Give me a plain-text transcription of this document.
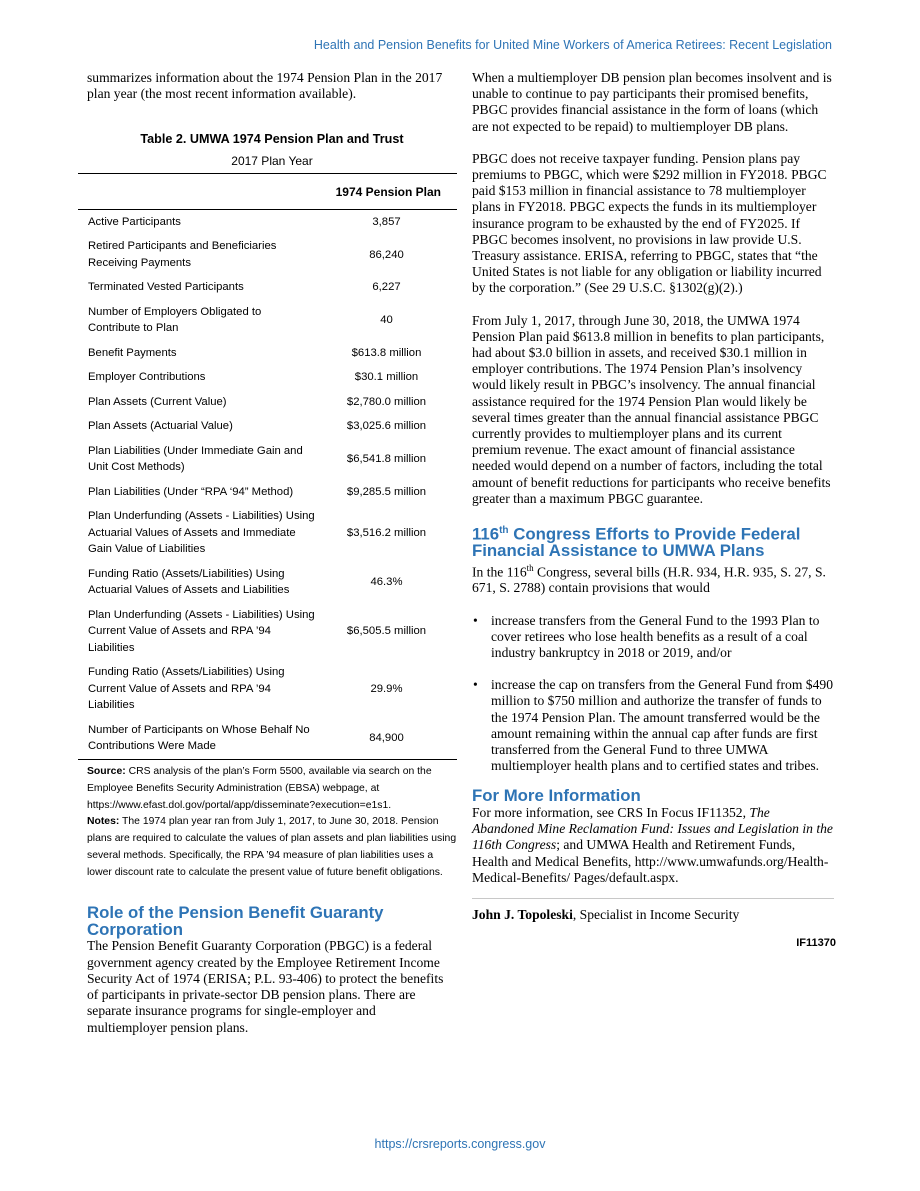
Health and Pension Benefits for United Mine Workers of America Retirees: Recent Legislation

summarizes information about the 1974 Pension Plan in the 2017 plan year (the most recent information available).

Table 2. UMWA 1974 Pension Plan and Trust
2017 Plan Year
	1974 Pension Plan
Active Participants	3,857
Retired Participants and Beneficiaries Receiving Payments	86,240
Terminated Vested Participants	6,227
Number of Employers Obligated to Contribute to Plan	40
Benefit Payments	$613.8 million
Employer Contributions	$30.1 million
Plan Assets (Current Value)	$2,780.0 million
Plan Assets (Actuarial Value)	$3,025.6 million
Plan Liabilities (Under Immediate Gain and Unit Cost Methods)	$6,541.8 million
Plan Liabilities (Under “RPA ‘94” Method)	$9,285.5 million
Plan Underfunding (Assets - Liabilities) Using Actuarial Values of Assets and Immediate Gain Value of Liabilities	$3,516.2 million
Funding Ratio (Assets/Liabilities) Using Actuarial Values of Assets and Liabilities	46.3%
Plan Underfunding (Assets - Liabilities) Using Current Value of Assets and RPA ’94 Liabilities	$6,505.5 million
Funding Ratio (Assets/Liabilities) Using Current Value of Assets and RPA ’94 Liabilities	29.9%
Number of Participants on Whose Behalf No Contributions Were Made	84,900

Source: CRS analysis of the plan’s Form 5500, available via search on the Employee Benefits Security Administration (EBSA) webpage, at https://www.efast.dol.gov/portal/app/disseminate?execution=e1s1.

Notes: The 1974 plan year ran from July 1, 2017, to June 30, 2018. Pension plans are required to calculate the values of plan assets and plan liabilities using several methods. Specifically, the RPA ’94 measure of plan liabilities uses a lower discount rate to calculate the present value of future benefit obligations.

Role of the Pension Benefit Guaranty Corporation

The Pension Benefit Guaranty Corporation (PBGC) is a federal government agency created by the Employee Retirement Income Security Act of 1974 (ERISA; P.L. 93-406) to protect the benefits of participants in private-sector DB pension plans. There are separate insurance programs for single-employer and multiemployer pension plans.

When a multiemployer DB pension plan becomes insolvent and is unable to continue to pay participants their promised benefits, PBGC provides financial assistance in the form of loans (which are not expected to be repaid) to multiemployer DB plans.

PBGC does not receive taxpayer funding. Pension plans pay premiums to PBGC, which were $292 million in FY2018. PBGC paid $153 million in financial assistance to 78 multiemployer plans in FY2018. PBGC expects the funds in its multiemployer insurance program to be exhausted by the end of FY2025. If PBGC becomes insolvent, no provisions in law provide U.S. Treasury assistance. ERISA, referring to PBGC, states that “the United States is not liable for any obligation or liability incurred by the corporation.” (See 29 U.S.C. §1302(g)(2).)

From July 1, 2017, through June 30, 2018, the UMWA 1974 Pension Plan paid $613.8 million in benefits to plan participants, had about $3.0 billion in assets, and received $30.1 million in employer contributions. The 1974 Pension Plan’s insolvency would likely result in PBGC’s insolvency. The annual financial assistance required for the 1974 Pension Plan would likely be several times greater than the annual financial assistance PBGC currently provides to multiemployer plans and its current premium revenue. The exact amount of financial assistance needed would depend on a number of factors, including the total amount of benefit reductions for participants who receive benefits greater than a maximum PBGC guarantee.

116th Congress Efforts to Provide Federal Financial Assistance to UMWA Plans

In the 116th Congress, several bills (H.R. 934, H.R. 935, S. 27, S. 671, S. 2788) contain provisions that would

• increase transfers from the General Fund to the 1993 Plan to cover retirees who lose health benefits as a result of a coal industry bankruptcy in 2018 or 2019, and/or
• increase the cap on transfers from the General Fund from $490 million to $750 million and authorize the transfer of funds to the 1974 Pension Plan. The amount transferred would be the amount remaining within the annual cap after funds are first transferred from the General Fund to three UMWA multiemployer health plans and to certified states and tribes.
For More Information

For more information, see CRS In Focus IF11352, The Abandoned Mine Reclamation Fund: Issues and Legislation in the 116th Congress; and UMWA Health and Retirement Funds, Health and Medical Benefits, http://www.umwafunds.org/Health-Medical-Benefits/ Pages/default.aspx.

John J. Topoleski, Specialist in Income Security

IF11370
https://crsreports.congress.gov
